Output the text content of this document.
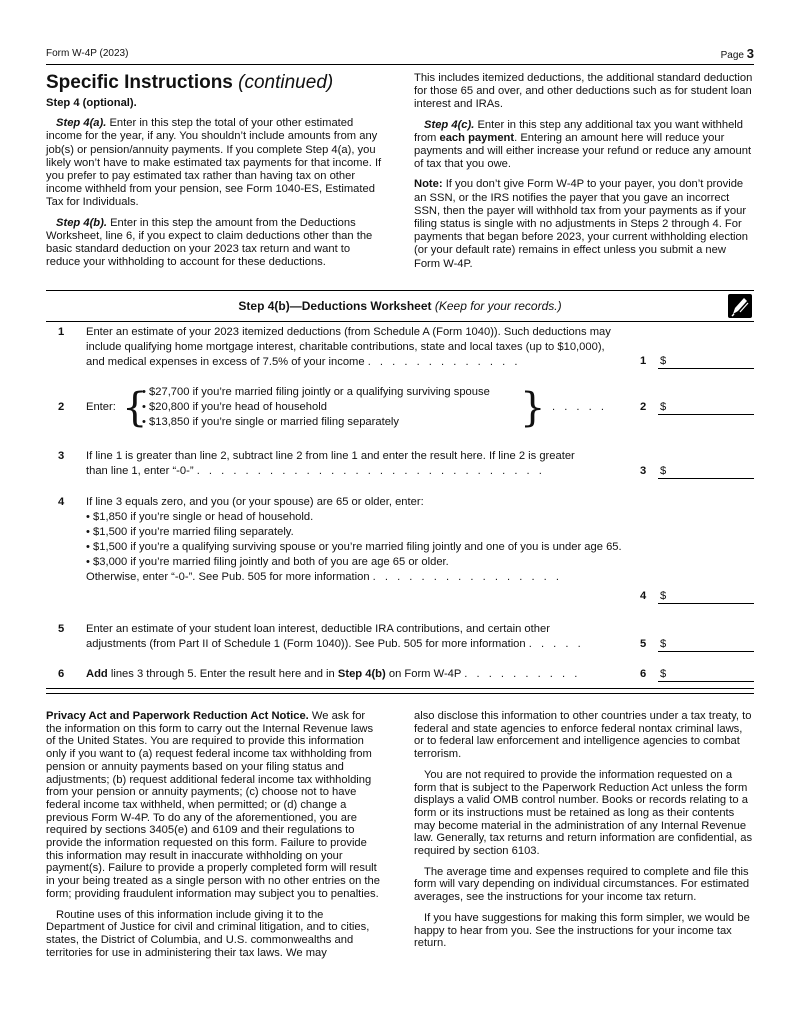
Form W-4P (2023)	Page 3
Specific Instructions (continued)

Step 4 (optional).

Step 4(a). Enter in this step the total of your other estimated income for the year, if any. You shouldn’t include amounts from any job(s) or pension/annuity payments. If you complete Step 4(a), you likely won’t have to make estimated tax payments for that income. If you prefer to pay estimated tax rather than having tax on other income withheld from your pension, see Form 1040-ES, Estimated Tax for Individuals.

Step 4(b). Enter in this step the amount from the Deductions Worksheet, line 6, if you expect to claim deductions other than the basic standard deduction on your 2023 tax return and want to reduce your withholding to account for these deductions.

This includes itemized deductions, the additional standard deduction for those 65 and over, and other deductions such as for student loan interest and IRAs.

Step 4(c). Enter in this step any additional tax you want withheld from each payment. Entering an amount here will reduce your payments and will either increase your refund or reduce any amount of tax that you owe.

Note: If you don’t give Form W-4P to your payer, you don’t provide an SSN, or the IRS notifies the payer that you gave an incorrect SSN, then the payer will withhold tax from your payments as if your filing status is single with no adjustments in Steps 2 through 4. For payments that began before 2023, your current withholding election (or your default rate) remains in effect unless you submit a new Form W-4P.

Step 4(b)—Deductions Worksheet (Keep for your records.)
1 Enter an estimate of your 2023 itemized deductions (from Schedule A (Form 1040)). Such deductions may include qualifying home mortgage interest, charitable contributions, state and local taxes (up to $10,000), and medical expenses in excess of 7.5% of your income . . . . . . . . . . . . .	1 $
2 Enter: {
• $27,700 if you’re married filing jointly or a qualifying surviving spouse
• $20,800 if you’re head of household
• $13,850 if you’re single or married filing separately	} . . . . .	2 $
3 If line 1 is greater than line 2, subtract line 2 from line 1 and enter the result here. If line 2 is greater
than line 1, enter “-0-” . . . . . . . . . . . . . . . . . . . . . . . . . . . . .	3 $
4 If line 3 equals zero, and you (or your spouse) are 65 or older, enter:
• $1,850 if you’re single or head of household.
• $1,500 if you’re married filing separately.
• $1,500 if you’re a qualifying surviving spouse or you’re married filing jointly and one of you is under age 65.
• $3,000 if you’re married filing jointly and both of you are age 65 or older.
Otherwise, enter “-0-”. See Pub. 505 for more information . . . . . . . . . . . . . . . .
4 $
5 Enter an estimate of your student loan interest, deductible IRA contributions, and certain other
adjustments (from Part II of Schedule 1 (Form 1040)). See Pub. 505 for more information . . . . .	5 $
6 Add lines 3 through 5. Enter the result here and in Step 4(b) on Form W-4P . . . . . . . . . .	6 $

Privacy Act and Paperwork Reduction Act Notice. We ask for the information on this form to carry out the Internal Revenue laws of the United States. You are required to provide this information only if you want to (a) request federal income tax withholding from pension or annuity payments based on your filing status and adjustments; (b) request additional federal income tax withholding from your pension or annuity payments; (c) choose not to have federal income tax withheld, when permitted; or (d) change a previous Form W-4P. To do any of the aforementioned, you are required by sections 3405(e) and 6109 and their regulations to provide the information requested on this form. Failure to provide this information may result in inaccurate withholding on your payment(s). Failure to provide a properly completed form will result in your being treated as a single person with no other entries on the form; providing fraudulent information may subject you to penalties.

Routine uses of this information include giving it to the Department of Justice for civil and criminal litigation, and to cities, states, the District of Columbia, and U.S. commonwealths and territories for use in administering their tax laws. We may

also disclose this information to other countries under a tax treaty, to federal and state agencies to enforce federal nontax criminal laws, or to federal law enforcement and intelligence agencies to combat terrorism.

You are not required to provide the information requested on a form that is subject to the Paperwork Reduction Act unless the form displays a valid OMB control number. Books or records relating to a form or its instructions must be retained as long as their contents may become material in the administration of any Internal Revenue law. Generally, tax returns and return information are confidential, as required by section 6103.

The average time and expenses required to complete and file this form will vary depending on individual circumstances. For estimated averages, see the instructions for your income tax return.

If you have suggestions for making this form simpler, we would be happy to hear from you. See the instructions for your income tax return.
